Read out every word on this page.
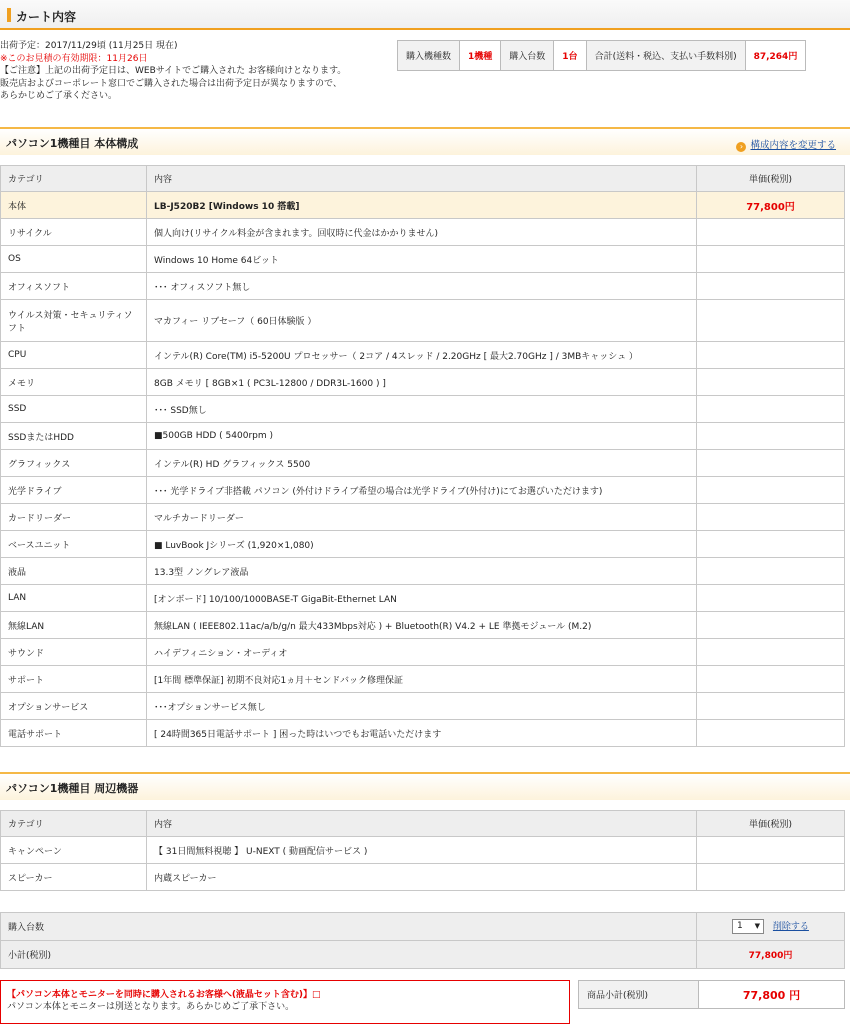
カート内容
出荷予定：2017/11/29頃 (11月25日 現在)
※このお見積の有効期限：11月26日
【ご注意】上記の出荷予定日は、WEBサイトでご購入された お客様向けとなります。
販売店およびコーポレート窓口でご購入された場合は出荷予定日が異なりますので、
あらかじめご了承ください。
購入機種数	1機種	購入台数	1台	合計(送料・税込、支払い手数料別)	87,264円
パソコン1機種目 本体構成	› 構成内容を変更する
カテゴリ	内容	単価(税別)
本体	LB-J520B2 [Windows 10 搭載]	77,800円
リサイクル	個人向け(リサイクル料金が含まれます。回収時に代金はかかりません)	
OS	Windows 10 Home 64ビット	
オフィスソフト	･･･ オフィスソフト無し	
ウイルス対策・セキュリティソフト	マカフィー リブセーフ（ 60日体験版 ）	
CPU	インテル(R) Core(TM) i5-5200U プロセッサー（ 2コア / 4スレッド / 2.20GHz [ 最大2.70GHz ] / 3MBキャッシュ ）	
メモリ	8GB メモリ [ 8GB×1 ( PC3L-12800 / DDR3L-1600 ) ]	
SSD	･･･ SSD無し	
SSDまたはHDD	■500GB HDD ( 5400rpm )	
グラフィックス	インテル(R) HD グラフィックス 5500	
光学ドライブ	･･･ 光学ドライブ非搭載 パソコン (外付けドライブ希望の場合は光学ドライブ(外付け)にてお選びいただけます)	
カードリーダー	マルチカードリーダー	
ベースユニット	■ LuvBook Jシリーズ (1,920×1,080)	
液晶	13.3型 ノングレア液晶	
LAN	[オンボード] 10/100/1000BASE-T GigaBit-Ethernet LAN	
無線LAN	無線LAN ( IEEE802.11ac/a/b/g/n 最大433Mbps対応 ) + Bluetooth(R) V4.2 + LE 準拠モジュール (M.2)	
サウンド	ハイデフィニション・オーディオ	
サポート	[1年間 標準保証] 初期不良対応1ヵ月＋センドバック修理保証	
オプションサービス	･･･オプションサービス無し	
電話サポート	[ 24時間365日電話サポート ] 困った時はいつでもお電話いただけます	
パソコン1機種目 周辺機器
カテゴリ	内容	単価(税別)
キャンペーン	【 31日間無料視聴 】 U-NEXT ( 動画配信サービス )	
スピーカー	内蔵スピーカー	
購入台数	1 ▼ 削除する
小計(税別)	77,800円
【パソコン本体とモニターを同時に購入されるお客様へ(液晶セット含む)】□
パソコン本体とモニターは別送となります。あらかじめご了承下さい。
商品小計(税別)	77,800 円
